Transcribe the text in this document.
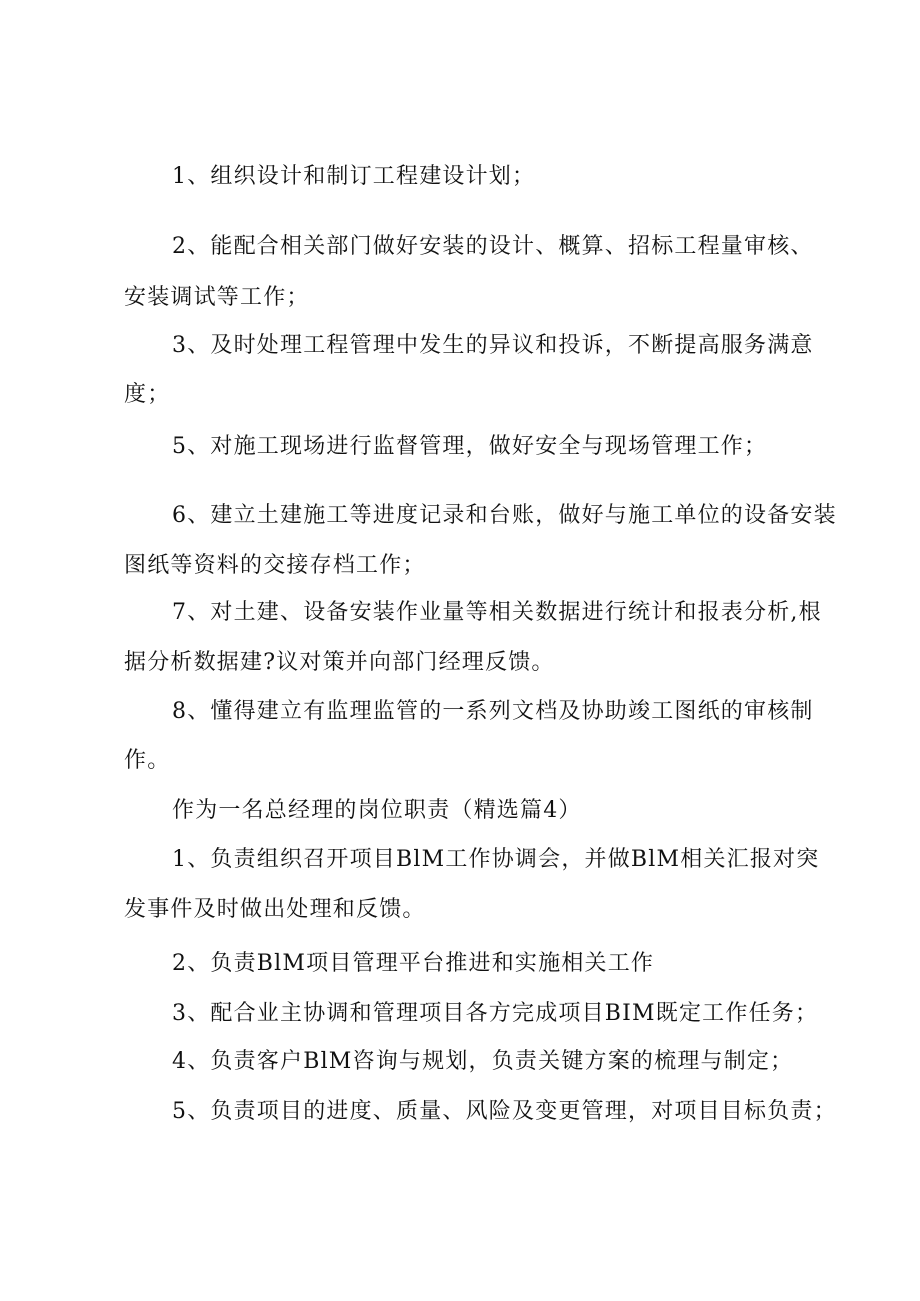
1、组织设计和制订工程建设计划；

2、能配合相关部门做好安装的设计、概算、招标工程量审核、

安装调试等工作；

3、及时处理工程管理中发生的异议和投诉，不断提高服务满意

度；

5、对施工现场进行监督管理，做好安全与现场管理工作；

6、建立土建施工等进度记录和台账，做好与施工单位的设备安装

图纸等资料的交接存档工作；

7、对土建、设备安装作业量等相关数据进行统计和报表分析,根

据分析数据建?议对策并向部门经理反馈。

8、懂得建立有监理监管的一系列文档及协助竣工图纸的审核制

作。

作为一名总经理的岗位职责（精选篇4）

1、负责组织召开项目BlM工作协调会，并做BlM相关汇报对突

发事件及时做出处理和反馈。

2、负责BlM项目管理平台推进和实施相关工作

3、配合业主协调和管理项目各方完成项目BIM既定工作任务；

4、负责客户BlM咨询与规划，负责关键方案的梳理与制定；

5、负责项目的进度、质量、风险及变更管理，对项目目标负责；
